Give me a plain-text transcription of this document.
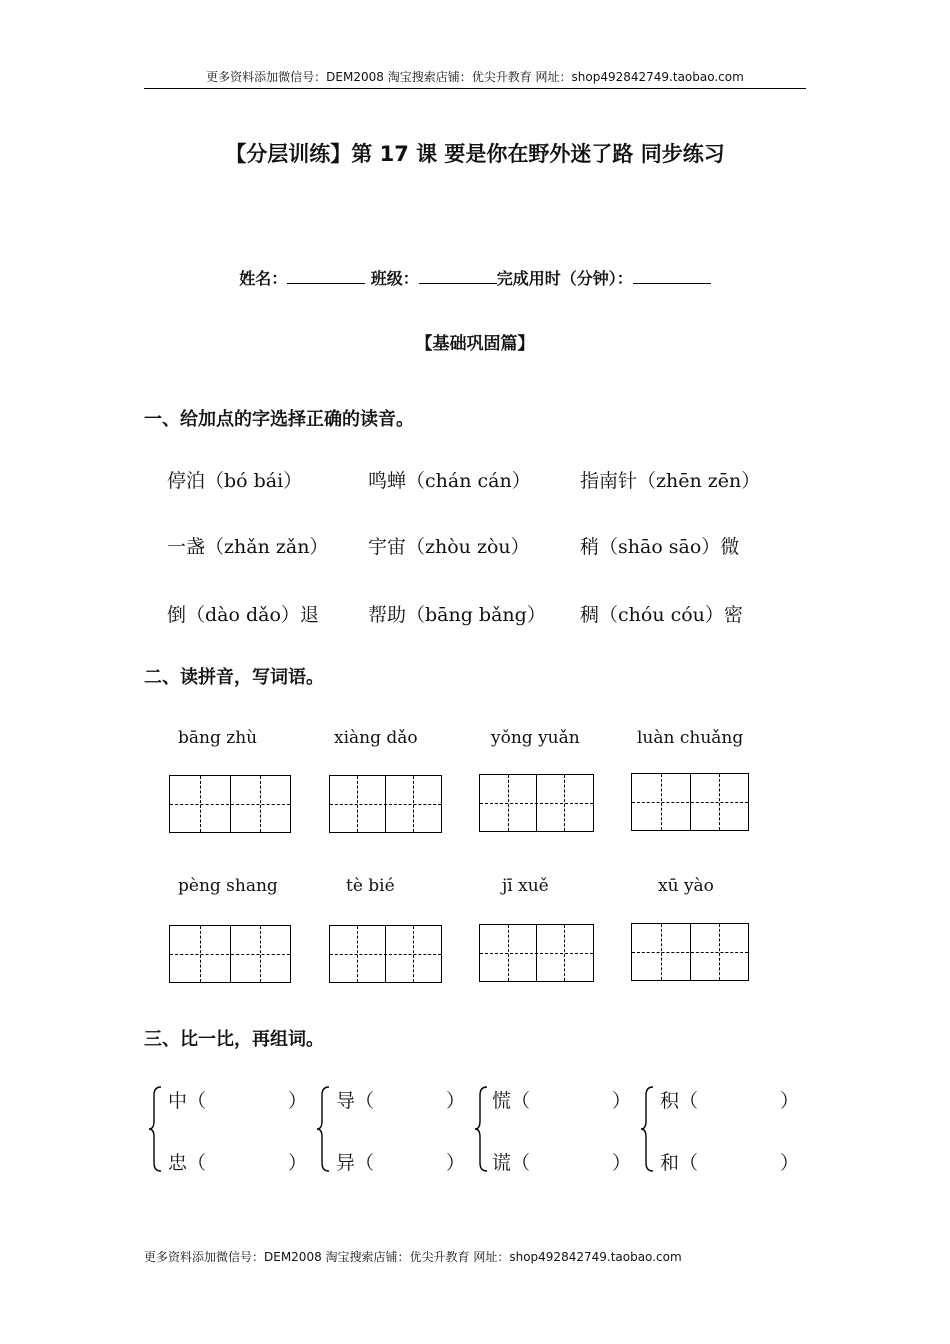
更多资料添加微信号：DEM2008 淘宝搜索店铺：优尖升教育 网址：shop492842749.taobao.com
【分层训练】第 17 课 要是你在野外迷了路 同步练习
姓名：	班级：	完成用时（分钟）：
【基础巩固篇】
一、给加点的字选择正确的读音。
停泊（bó bái）	鸣蝉（chán cán）	指南针（zhēn zēn）
一盏（zhǎn zǎn） 宇宙（zhòu zòu）	稍（shāo sāo）微
倒（dào dǎo）退	帮助（bāng bǎng） 稠（chóu cóu）密
二、读拼音，写词语。
bāng zhù	xiàng dǎo	yǒng yuǎn	luàn chuǎng
pèng shang	tè bié	jī xuě	xū yào
三、比一比，再组词。
中（	） 导（	） 慌（	） 积（	）
忠（	） 异（	） 谎（	） 和（	）
更多资料添加微信号：DEM2008 淘宝搜索店铺：优尖升教育 网址：shop492842749.taobao.com
